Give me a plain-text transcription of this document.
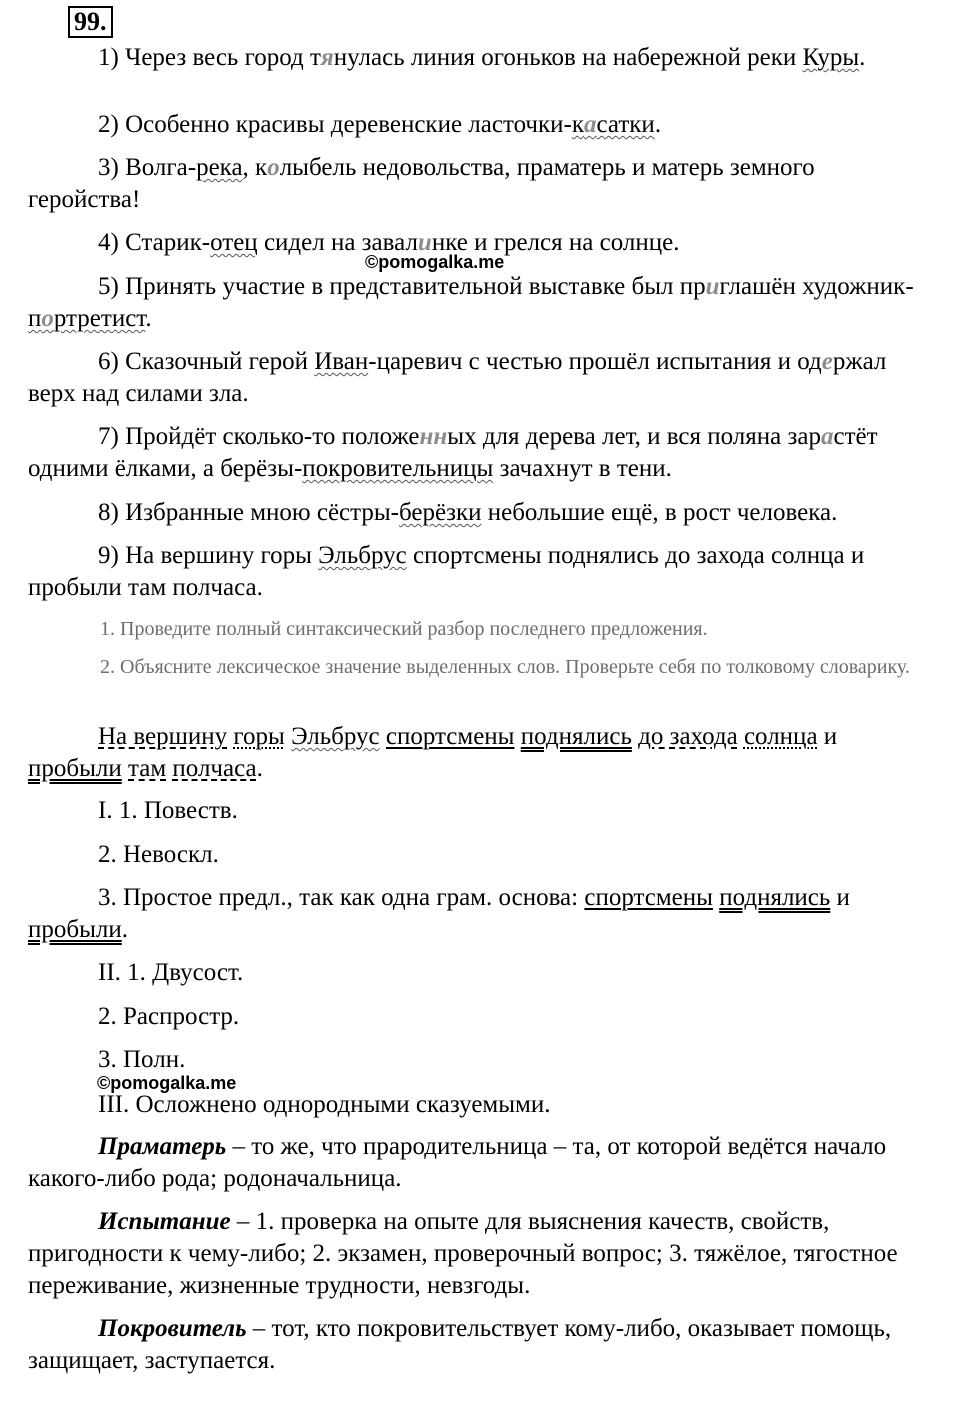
99.

1) Через весь город тянулась линия огоньков на набережной реки Куры.

2) Особенно красивы деревенские ласточки-касатки.

3) Волга-река, колыбель недовольства, праматерь и матерь земного геройства!

4) Старик-отец сидел на завалинке и грелся на солнце.

©pomogalka.me

5) Принять участие в представительной выставке был приглашён художник-портретист.

6) Сказочный герой Иван-царевич с честью прошёл испытания и одержал верх над силами зла.

7) Пройдёт сколько-то положенных для дерева лет, и вся поляна зарастёт одними ёлками, а берёзы-покровительницы зачахнут в тени.

8) Избранные мною сёстры-берёзки небольшие ещё, в рост человека.

9) На вершину горы Эльбрус спортсмены поднялись до захода солнца и пробыли там полчаса.

1. Проведите полный синтаксический разбор последнего предложения.

2. Объясните лексическое значение выделенных слов. Проверьте себя по толковому словарику.

На вершину горы Эльбрус спортсмены поднялись до захода солнца и пробыли там полчаса.

I. 1. Повеств.

2. Невоскл.

3. Простое предл., так как одна грам. основа: спортсмены поднялись и пробыли.

II. 1. Двусост.

2. Распростр.

3. Полн.

©pomogalka.me

III. Осложнено однородными сказуемыми.

Праматерь – то же, что прародительница – та, от которой ведётся начало какого-либо рода; родоначальница.

Испытание – 1. проверка на опыте для выяснения качеств, свойств, пригодности к чему-либо; 2. экзамен, проверочный вопрос; 3. тяжёлое, тягостное переживание, жизненные трудности, невзгоды.

Покровитель – тот, кто покровительствует кому-либо, оказывает помощь, защищает, заступается.
